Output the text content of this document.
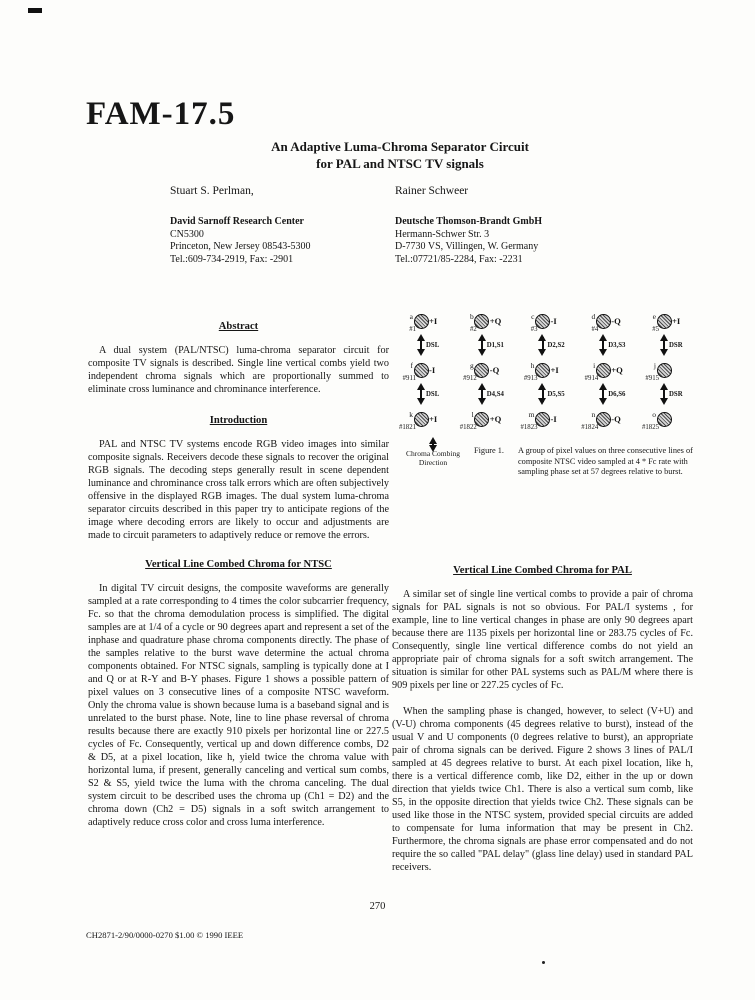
FAM-17.5
An Adaptive Luma-Chroma Separator Circuit
for PAL and NTSC TV signals
Stuart S. Perlman,	Rainer Schweer
David Sarnoff Research Center
CN5300
Princeton, New Jersey 08543-5300
Tel.:609-734-2919, Fax: -2901
Deutsche Thomson-Brandt GmbH
Hermann-Schwer Str. 3
D-7730 VS, Villingen, W. Germany
Tel.:07721/85-2284, Fax: -2231
Abstract

A dual system (PAL/NTSC) luma-chroma separator circuit for composite TV signals is described. Single line vertical combs yield two independent chroma signals which are proportionally summed to eliminate cross luminance and chrominance interference.

Introduction

PAL and NTSC TV systems encode RGB video images into similar composite signals. Receivers decode these signals to recover the original RGB signals. The decoding steps generally result in scene dependent luminance and chrominance cross talk errors which are often subjectively offensive in the displayed RGB images. The dual system luma-chroma separator circuits described in this paper try to anticipate regions of the image where decoding errors are likely to occur and adjustments are made to circuit parameters to adaptively reduce or remove the errors.

Vertical Line Combed Chroma for NTSC

In digital TV circuit designs, the composite waveforms are generally sampled at a rate corresponding to 4 times the color subcarrier frequency, Fc. so that the chroma demodulation process is simplified. The digital samples are at 1/4 of a cycle or 90 degrees apart and represent a set of the inphase and quadrature phase chroma components directly. The phase of the samples relative to the burst wave determine the actual chroma components obtained. For NTSC signals, sampling is typically done at I and Q or at R-Y and B-Y phases. Figure 1 shows a possible pattern of pixel values on 3 consecutive lines of a composite NTSC waveform. Only the chroma value is shown because luma is a baseband signal and is unrelated to the burst phase. Note, line to line phase reversal of chroma results because there are exactly 910 pixels per horizontal line or 227.5 cycles of Fc. Consequently, vertical up and down difference combs, D2 & D5, at a pixel location, like h, yield twice the chroma value with horizontal luma, if present, generally canceling and vertical sum combs, S2 & S5, yield twice the luma with the chroma canceling. The dual system circuit to be described uses the chroma up (Ch1 = D2) and the chroma down (Ch2 = D5) signals in a soft switch arrangement to adaptively reduce cross color and cross luma interference.

a +I
#1
DSL
f -I
#911
DSL
k +I
#1821
b +Q
#2
D1,S1
g -Q
#912
D4,S4
l +Q
#1822
c -I
#3
D2,S2
h +I
#913
D5,S5
m -I
#1823
d -Q
#4
D3,S3
i +Q
#914
D6,S6
n -Q
#1824
e +I
#5
DSR
j
#915
DSR
o
#1825
Chroma Combing
Direction
Figure 1.	A group of pixel values on three consecutive lines of composite NTSC video sampled at 4 * Fc rate with sampling phase set at 57 degrees relative to burst.
Vertical Line Combed Chroma for PAL

A similar set of single line vertical combs to provide a pair of chroma signals for PAL signals is not so obvious. For PAL/I systems , for example, line to line vertical changes in phase are only 90 degrees apart because there are 1135 pixels per horizontal line or 283.75 cycles of Fc. Consequently, single line vertical difference combs do not yield an appropriate pair of chroma signals for a soft switch arrangement. The situation is similar for other PAL systems such as PAL/M where there is 909 pixels per line or 227.25 cycles of Fc.

When the sampling phase is changed, however, to select (V+U) and (V-U) chroma components (45 degrees relative to burst), instead of the usual V and U components (0 degrees relative to burst), an appropriate pair of chroma signals can be derived. Figure 2 shows 3 lines of PAL/I sampled at 45 degrees relative to burst. At each pixel location, like h, there is a vertical difference comb, like D2, either in the up or down direction that yields twice Ch1. There is also a vertical sum comb, like S5, in the opposite direction that yields twice Ch2. These signals can be used like those in the NTSC system, provided special circuits are added to compensate for luma information that may be present in Ch2. Furthermore, the chroma signals are phase error compensated and do not require the so called "PAL delay" (glass line delay) used in standard PAL receivers.

270
CH2871-2/90/0000-0270 $1.00 © 1990 IEEE
